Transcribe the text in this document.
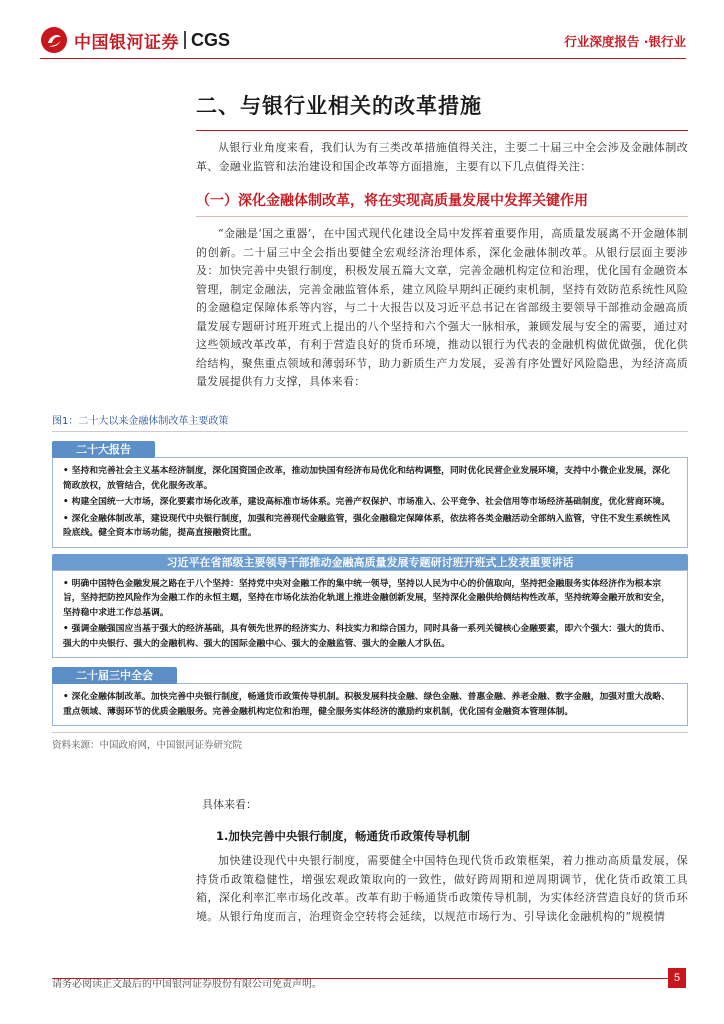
中国银河证券 CGS	行业深度报告 ·银行业
二、与银行业相关的改革措施

从银行业角度来看，我们认为有三类改革措施值得关注，主要二十届三中全会涉及金融体制改革、金融业监管和法治建设和国企改革等方面措施，主要有以下几点值得关注：

（一）深化金融体制改革，将在实现高质量发展中发挥关键作用

“金融是‘国之重器’，在中国式现代化建设全局中发挥着重要作用，高质量发展离不开金融体制的创新。二十届三中全会指出要健全宏观经济治理体系，深化金融体制改革。从银行层面主要涉及：加快完善中央银行制度，积极发展五篇大文章，完善金融机构定位和治理，优化国有金融资本管理，制定金融法，完善金融监管体系，建立风险早期纠正硬约束机制，坚持有效防范系统性风险的金融稳定保障体系等内容，与二十大报告以及习近平总书记在省部级主要领导干部推动金融高质量发展专题研讨班开班式上提出的八个坚持和六个强大一脉相承，兼顾发展与安全的需要，通过对这些领域改革改革，有利于营造良好的货币环境，推动以银行为代表的金融机构做优做强，优化供给结构，聚焦重点领域和薄弱环节，助力新质生产力发展，妥善有序处置好风险隐患，为经济高质量发展提供有力支撑，具体来看：

图1：二十大以来金融体制改革主要政策
二十大报告
• 坚持和完善社会主义基本经济制度，深化国资国企改革，推动加快国有经济布局优化和结构调整，同时优化民营企业发展环境，支持中小微企业发展，深化简政放权，放管结合，优化服务改革。
• 构建全国统一大市场，深化要素市场化改革，建设高标准市场体系。完善产权保护、市场准入、公平竞争、社会信用等市场经济基础制度，优化营商环境。
• 深化金融体制改革，建设现代中央银行制度，加强和完善现代金融监管，强化金融稳定保障体系，依法将各类金融活动全部纳入监管，守住不发生系统性风险底线。健全资本市场功能，提高直接融资比重。
习近平在省部级主要领导干部推动金融高质量发展专题研讨班开班式上发表重要讲话
• 明确中国特色金融发展之路在于八个坚持：坚持党中央对金融工作的集中统一领导，坚持以人民为中心的价值取向，坚持把金融服务实体经济作为根本宗旨，坚持把防控风险作为金融工作的永恒主题，坚持在市场化法治化轨道上推进金融创新发展，坚持深化金融供给侧结构性改革，坚持统筹金融开放和安全，坚持稳中求进工作总基调。
• 强调金融强国应当基于强大的经济基础，具有领先世界的经济实力、科技实力和综合国力，同时具备一系列关键核心金融要素，即六个强大：强大的货币、强大的中央银行、强大的金融机构、强大的国际金融中心、强大的金融监管、强大的金融人才队伍。
二十届三中全会
• 深化金融体制改革。加快完善中央银行制度，畅通货币政策传导机制。积极发展科技金融、绿色金融、普惠金融、养老金融、数字金融，加强对重大战略、重点领域、薄弱环节的优质金融服务。完善金融机构定位和治理，健全服务实体经济的激励约束机制，优化国有金融资本管理体制。
资料来源：中国政府网，中国银河证券研究院
具体来看：
1.加快完善中央银行制度，畅通货币政策传导机制

加快建设现代中央银行制度，需要健全中国特色现代货币政策框架，着力推动高质量发展，保持货币政策稳健性，增强宏观政策取向的一致性，做好跨周期和逆周期调节，优化货币政策工具箱，深化利率汇率市场化改革。改革有助于畅通货币政策传导机制，为实体经济营造良好的货币环境。从银行角度而言，治理资金空转将会延续，以规范市场行为、引导读化金融机构的“规模情

请务必阅读正文最后的中国银河证券股份有限公司免责声明。
5
